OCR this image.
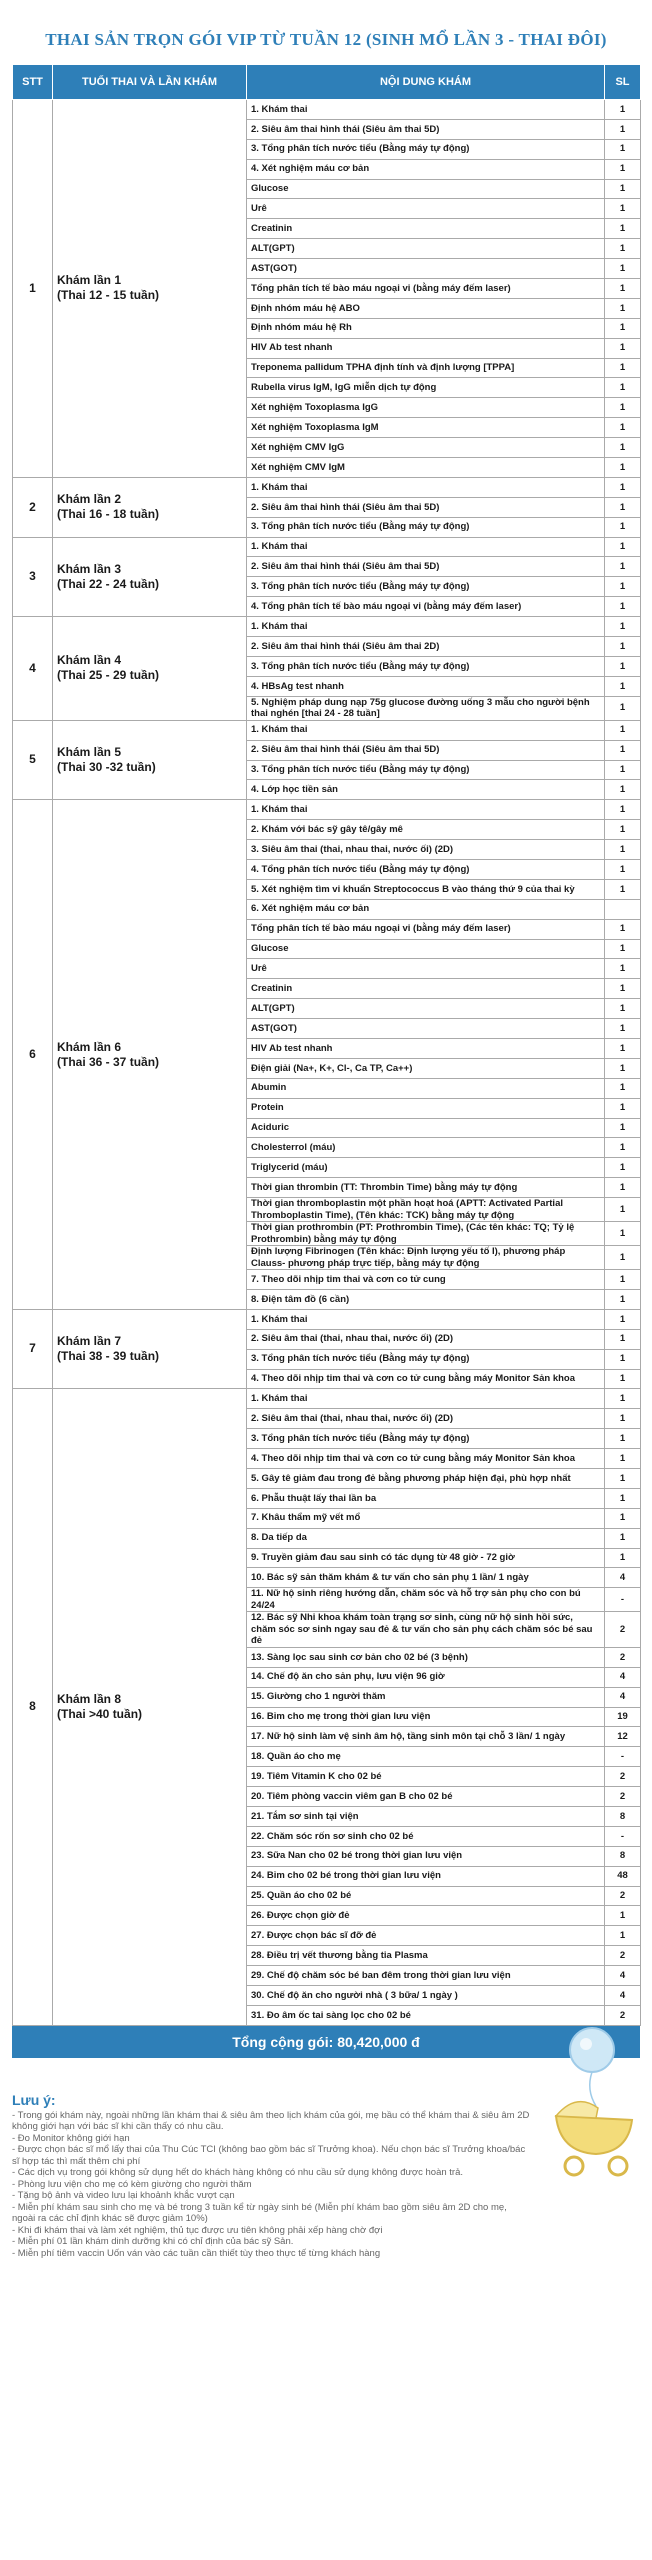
THAI SẢN TRỌN GÓI VIP TỪ TUẦN 12 (SINH MỔ LẦN 3 - THAI ĐÔI)
STT	TUỔI THAI VÀ LẦN KHÁM	NỘI DUNG KHÁM	SL
1	Khám lần 1
(Thai 12 - 15 tuần)	1. Khám thai	1
		2. Siêu âm thai hình thái (Siêu âm thai 5D)	1
		3. Tổng phân tích nước tiểu (Bằng máy tự động)	1
		4. Xét nghiệm máu cơ bản	1
		Glucose	1
		Urê	1
		Creatinin	1
		ALT(GPT)	1
		AST(GOT)	1
		Tổng phân tích tế bào máu ngoại vi (bằng máy đếm laser)	1
		Định nhóm máu hệ ABO	1
		Định nhóm máu hệ Rh	1
		HIV Ab test nhanh	1
		Treponema pallidum TPHA định tính và định lượng [TPPA]	1
		Rubella virus IgM, IgG miễn dịch tự động	1
		Xét nghiệm Toxoplasma IgG	1
		Xét nghiệm Toxoplasma IgM	1
		Xét nghiệm CMV IgG	1
		Xét nghiệm CMV IgM	1
2	Khám lần 2
(Thai 16 - 18 tuần)	1. Khám thai	1
		2. Siêu âm thai hình thái (Siêu âm thai 5D)	1
		3. Tổng phân tích nước tiểu (Bằng máy tự động)	1
3	Khám lần 3
(Thai 22 - 24 tuần)	1. Khám thai	1
		2. Siêu âm thai hình thái (Siêu âm thai 5D)	1
		3. Tổng phân tích nước tiểu (Bằng máy tự động)	1
		4. Tổng phân tích tế bào máu ngoại vi (bằng máy đếm laser)	1
4	Khám lần 4
(Thai 25 - 29 tuần)	1. Khám thai	1
		2. Siêu âm thai hình thái (Siêu âm thai 2D)	1
		3. Tổng phân tích nước tiểu (Bằng máy tự động)	1
		4. HBsAg test nhanh	1
		5. Nghiệm pháp dung nạp 75g glucose đường uống 3 mẫu cho người bệnh thai nghén [thai 24 - 28 tuần]	1
5	Khám lần 5
(Thai 30 -32 tuần)	1. Khám thai	1
		2. Siêu âm thai hình thái (Siêu âm thai 5D)	1
		3. Tổng phân tích nước tiểu (Bằng máy tự động)	1
		4. Lớp học tiền sản	1
6	Khám lần 6
(Thai 36 - 37 tuần)	1. Khám thai	1
		2. Khám với bác sỹ gây tê/gây mê	1
		3. Siêu âm thai (thai, nhau thai, nước ối) (2D)	1
		4. Tổng phân tích nước tiểu (Bằng máy tự động)	1
		5. Xét nghiệm tìm vi khuẩn Streptococcus B vào tháng thứ 9 của thai kỳ	1
		6. Xét nghiệm máu cơ bản	
		Tổng phân tích tế bào máu ngoại vi (bằng máy đếm laser)	1
		Glucose	1
		Urê	1
		Creatinin	1
		ALT(GPT)	1
		AST(GOT)	1
		HIV Ab test nhanh	1
		Điện giải (Na+, K+, Cl-, Ca TP, Ca++)	1
		Abumin	1
		Protein	1
		Aciduric	1
		Cholesterrol (máu)	1
		Triglycerid (máu)	1
		Thời gian thrombin (TT: Thrombin Time) bằng máy tự động	1
		Thời gian thromboplastin một phần hoạt hoá (APTT: Activated Partial Thromboplastin Time), (Tên khác: TCK) bằng máy tự động	1
		Thời gian prothrombin (PT: Prothrombin Time), (Các tên khác: TQ; Tỷ lệ Prothrombin) bằng máy tự động	1
		Định lượng Fibrinogen (Tên khác: Định lượng yếu tố I), phương pháp Clauss- phương pháp trực tiếp, bằng máy tự động	1
		7. Theo dõi nhịp tim thai và cơn co tử cung	1
		8. Điện tâm đồ (6 cần)	1
7	Khám lần 7
(Thai 38 - 39 tuần)	1. Khám thai	1
		2. Siêu âm thai (thai, nhau thai, nước ối) (2D)	1
		3. Tổng phân tích nước tiểu (Bằng máy tự động)	1
		4. Theo dõi nhịp tim thai và cơn co tử cung bằng máy Monitor Sản khoa	1
8	Khám lần 8
(Thai >40 tuần)	1. Khám thai	1
		2. Siêu âm thai (thai, nhau thai, nước ối) (2D)	1
		3. Tổng phân tích nước tiểu (Bằng máy tự động)	1
		4. Theo dõi nhịp tim thai và cơn co tử cung bằng máy Monitor Sản khoa	1
		5. Gây tê giảm đau trong đẻ bằng phương pháp hiện đại, phù hợp nhất	1
		6. Phẫu thuật lấy thai lần ba	1
		7. Khâu thẩm mỹ vết mổ	1
		8. Da tiếp da	1
		9. Truyền giảm đau sau sinh có tác dụng từ 48 giờ - 72 giờ	1
		10. Bác sỹ sản thăm khám & tư vấn cho sản phụ 1 lần/ 1 ngày	4
		11. Nữ hộ sinh riêng hướng dẫn, chăm sóc và hỗ trợ sản phụ cho con bú 24/24	-
		12. Bác sỹ Nhi khoa khám toàn trạng sơ sinh, cùng nữ hộ sinh hồi sức, chăm sóc sơ sinh ngay sau đẻ & tư vấn cho sản phụ cách chăm sóc bé sau đẻ	2
		13. Sàng lọc sau sinh cơ bản cho 02 bé (3 bệnh)	2
		14. Chế độ ăn cho sản phụ, lưu viện 96 giờ	4
		15. Giường cho 1 người thăm	4
		16. Bỉm cho mẹ trong thời gian lưu viện	19
		17. Nữ hộ sinh làm vệ sinh âm hộ, tầng sinh môn tại chỗ 3 lần/ 1 ngày	12
		18. Quần áo cho mẹ	-
		19. Tiêm Vitamin K cho 02 bé	2
		20. Tiêm phòng vaccin viêm gan B cho 02 bé	2
		21. Tắm sơ sinh tại viện	8
		22. Chăm sóc rốn sơ sinh cho 02 bé	-
		23. Sữa Nan cho 02 bé trong thời gian lưu viện	8
		24. Bỉm cho 02 bé trong thời gian lưu viện	48
		25. Quần áo cho 02 bé	2
		26. Được chọn giờ đẻ	1
		27. Được chọn bác sĩ đỡ đẻ	1
		28. Điều trị vết thương bằng tia Plasma	2
		29. Chế độ chăm sóc bé ban đêm trong thời gian lưu viện	4
		30. Chế độ ăn cho người nhà ( 3 bữa/ 1 ngày )	4
		31. Đo âm ốc tai sàng lọc cho 02 bé	2
Tổng cộng gói: 80,420,000 đ
Lưu ý:
- Trong gói khám này, ngoài những lần khám thai & siêu âm theo lịch khám của gói, mẹ bầu có thể khám thai & siêu âm 2D không giới hạn với bác sĩ khi cần thấy có nhu cầu.
- Đo Monitor không giới hạn
- Được chọn bác sĩ mổ lấy thai của Thu Cúc TCI (không bao gồm bác sĩ Trưởng khoa). Nếu chọn bác sĩ Trưởng khoa/bác sĩ hợp tác thì mất thêm chi phí
- Các dịch vụ trong gói không sử dụng hết do khách hàng không có nhu cầu sử dụng không được hoàn trả.
- Phòng lưu viện cho mẹ có kèm giường cho người thăm
- Tặng bộ ảnh và video lưu lại khoảnh khắc vượt cạn
- Miễn phí khám sau sinh cho mẹ và bé trong 3 tuần kể từ ngày sinh bé (Miễn phí khám bao gồm siêu âm 2D cho mẹ, ngoài ra các chỉ định khác sẽ được giảm 10%)
- Khi đi khám thai và làm xét nghiệm, thủ tục được ưu tiên không phải xếp hàng chờ đợi
- Miễn phí 01 lần khám dinh dưỡng khi có chỉ định của bác sỹ Sản.
- Miễn phí tiêm vaccin Uốn ván vào các tuần cần thiết tùy theo thực tế từng khách hàng
